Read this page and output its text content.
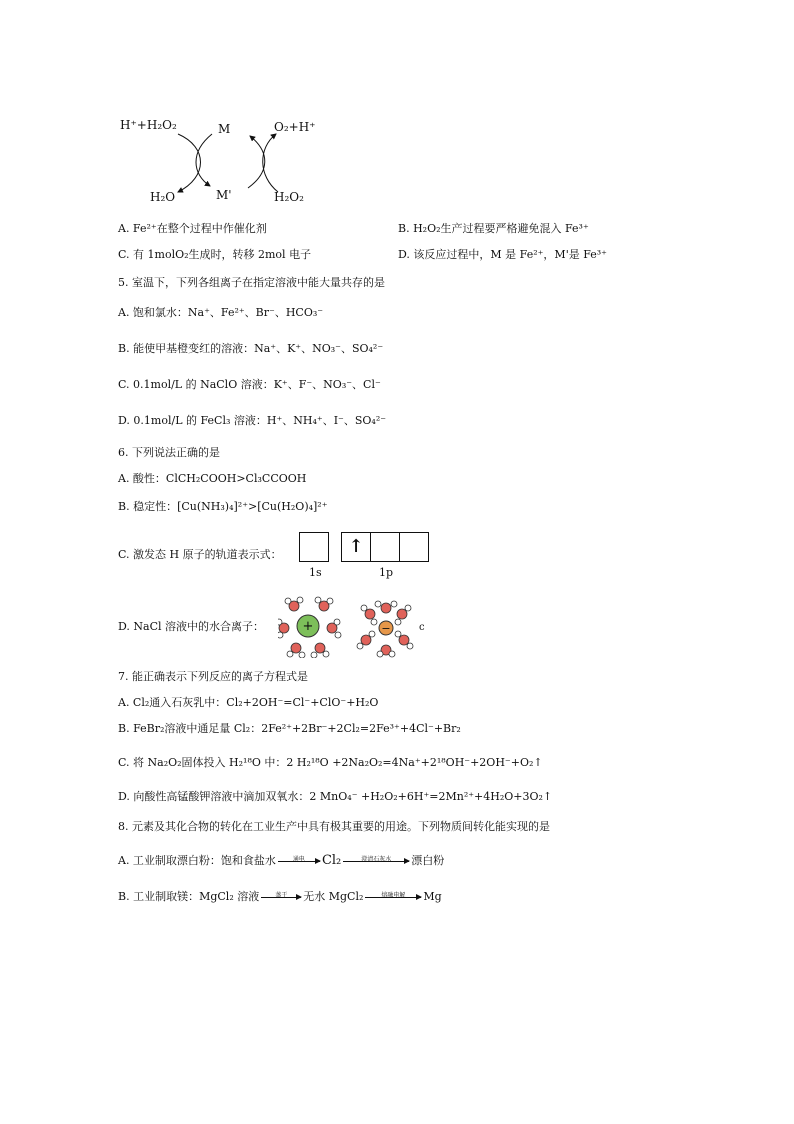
H⁺+H₂O₂	M	O₂+H⁺
H₂O	M'	H₂O₂
A. Fe²⁺在整个过程中作催化剂	B. H₂O₂生产过程要严格避免混入 Fe³⁺
C. 有 1molO₂生成时，转移 2mol 电子	D. 该反应过程中，M 是 Fe²⁺，M'是 Fe³⁺
5. 室温下，下列各组离子在指定溶液中能大量共存的是
A. 饱和氯水：Na⁺、Fe²⁺、Br⁻、HCO₃⁻
B. 能使甲基橙变红的溶液：Na⁺、K⁺、NO₃⁻、SO₄²⁻
C. 0.1mol/L 的 NaClO 溶液：K⁺、F⁻、NO₃⁻、Cl⁻
D. 0.1mol/L 的 FeCl₃ 溶液：H⁺、NH₄⁺、I⁻、SO₄²⁻
6. 下列说法正确的是
A. 酸性：ClCH₂COOH>Cl₃CCOOH
B. 稳定性：[Cu(NH₃)₄]²⁺>[Cu(H₂O)₄]²⁺
C. 激发态 H 原子的轨道表示式：	↑
1s	1p
D. NaCl 溶液中的水合离子：	+	−	c
7. 能正确表示下列反应的离子方程式是
A. Cl₂通入石灰乳中：Cl₂+2OH⁻=Cl⁻+ClO⁻+H₂O
B. FeBr₂溶液中通足量 Cl₂：2Fe²⁺+2Br⁻+2Cl₂=2Fe³⁺+4Cl⁻+Br₂
C. 将 Na₂O₂固体投入 H₂¹⁸O 中：2 H₂¹⁸O +2Na₂O₂=4Na⁺+2¹⁸OH⁻+2OH⁻+O₂↑
D. 向酸性高锰酸钾溶液中滴加双氧水：2 MnO₄⁻ +H₂O₂+6H⁺=2Mn²⁺+4H₂O+3O₂↑
8. 元素及其化合物的转化在工业生产中具有极其重要的用途。下列物质间转化能实现的是
A. 工业制取漂白粉：饱和食盐水	通电	Cl₂	澄清石灰水	漂白粉
B. 工业制取镁：MgCl₂ 溶液	蒸干	无水 MgCl₂	熔融电解	Mg
